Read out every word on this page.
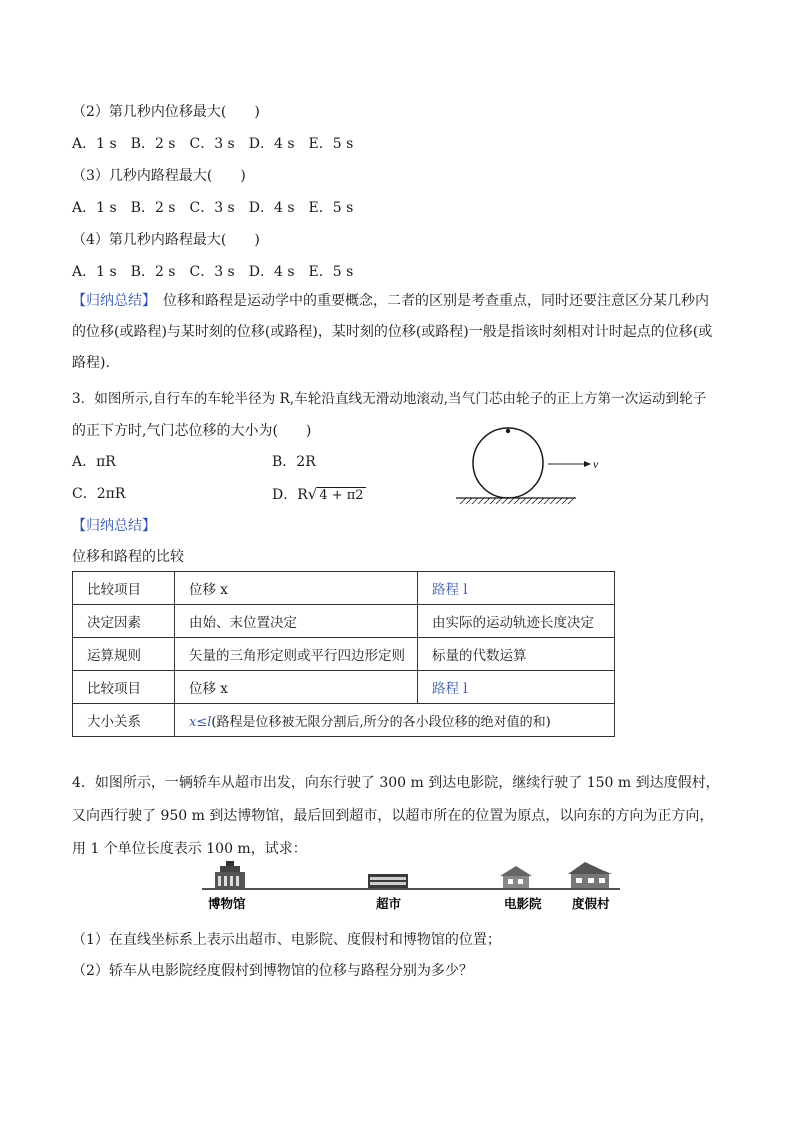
（2）第几秒内位移最大(　　)
A．1 s　B．2 s　C．3 s　D．4 s　E．5 s
（3）几秒内路程最大(　　)
A．1 s　B．2 s　C．3 s　D．4 s　E．5 s
（4）第几秒内路程最大(　　)
A．1 s　B．2 s　C．3 s　D．4 s　E．5 s
【归纳总结】　位移和路程是运动学中的重要概念，二者的区别是考查重点，同时还要注意区分某几秒内的位移(或路程)与某时刻的位移(或路程)，某时刻的位移(或路程)一般是指该时刻相对计时起点的位移(或路程).
3．如图所示,自行车的车轮半径为 R,车轮沿直线无滑动地滚动,当气门芯由轮子的正上方第一次运动到轮子
的正下方时,气门芯位移的大小为(　　)
A．πR	B．2R
C．2πR	D．R√ 4 + π2
v
【归纳总结】
位移和路程的比较
比较项目	位移 x	路程 l
决定因素	由始、末位置决定	由实际的运动轨迹长度决定
运算规则	矢量的三角形定则或平行四边形定则	标量的代数运算
比较项目	位移 x	路程 l
大小关系	x≤l(路程是位移被无限分割后,所分的各小段位移的绝对值的和)	
4．如图所示，一辆轿车从超市出发，向东行驶了 300 m 到达电影院，继续行驶了 150 m 到达度假村，又向西行驶了 950 m 到达博物馆，最后回到超市，以超市所在的位置为原点，以向东的方向为正方向，用 1 个单位长度表示 100 m，试求：
博物馆	超市	电影院 度假村
（1）在直线坐标系上表示出超市、电影院、度假村和博物馆的位置；
（2）轿车从电影院经度假村到博物馆的位移与路程分别为多少？
